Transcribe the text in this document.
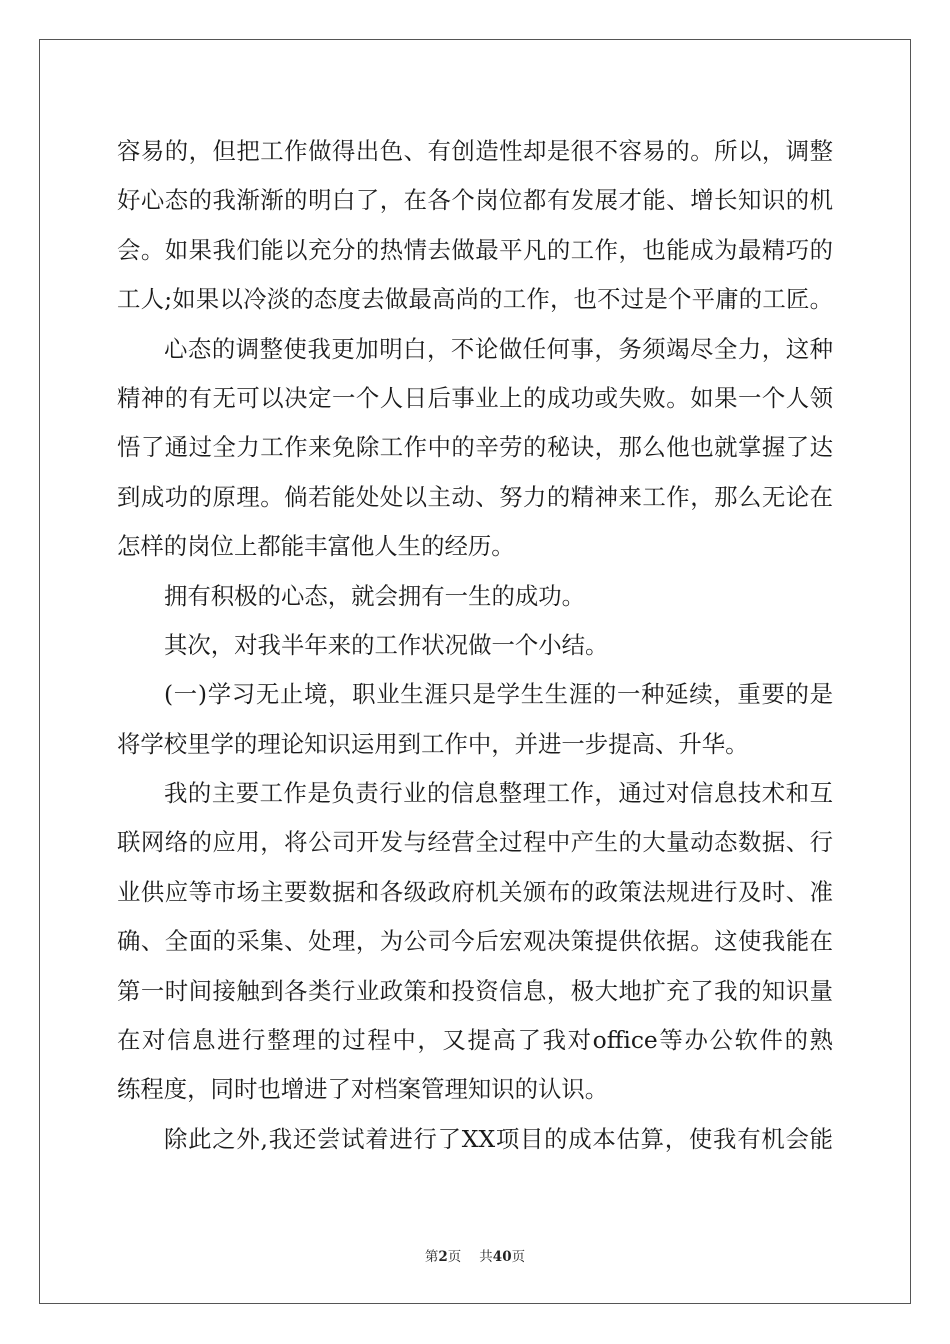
容易的，但把工作做得出色、有创造性却是很不容易的。所以，调整
好心态的我渐渐的明白了，在各个岗位都有发展才能、增长知识的机
会。如果我们能以充分的热情去做最平凡的工作，也能成为最精巧的
工人;如果以冷淡的态度去做最高尚的工作，也不过是个平庸的工匠。
心态的调整使我更加明白，不论做任何事，务须竭尽全力，这种
精神的有无可以决定一个人日后事业上的成功或失败。如果一个人领
悟了通过全力工作来免除工作中的辛劳的秘诀，那么他也就掌握了达
到成功的原理。倘若能处处以主动、努力的精神来工作，那么无论在
怎样的岗位上都能丰富他人生的经历。
拥有积极的心态，就会拥有一生的成功。
其次，对我半年来的工作状况做一个小结。
(一)学习无止境，职业生涯只是学生生涯的一种延续，重要的是
将学校里学的理论知识运用到工作中，并进一步提高、升华。
我的主要工作是负责行业的信息整理工作，通过对信息技术和互
联网络的应用，将公司开发与经营全过程中产生的大量动态数据、行
业供应等市场主要数据和各级政府机关颁布的政策法规进行及时、准
确、全面的采集、处理，为公司今后宏观决策提供依据。这使我能在
第一时间接触到各类行业政策和投资信息，极大地扩充了我的知识量
在对信息进行整理的过程中，又提高了我对office等办公软件的熟
练程度，同时也增进了对档案管理知识的认识。
除此之外,我还尝试着进行了XX项目的成本估算，使我有机会能
第2页 共40页
